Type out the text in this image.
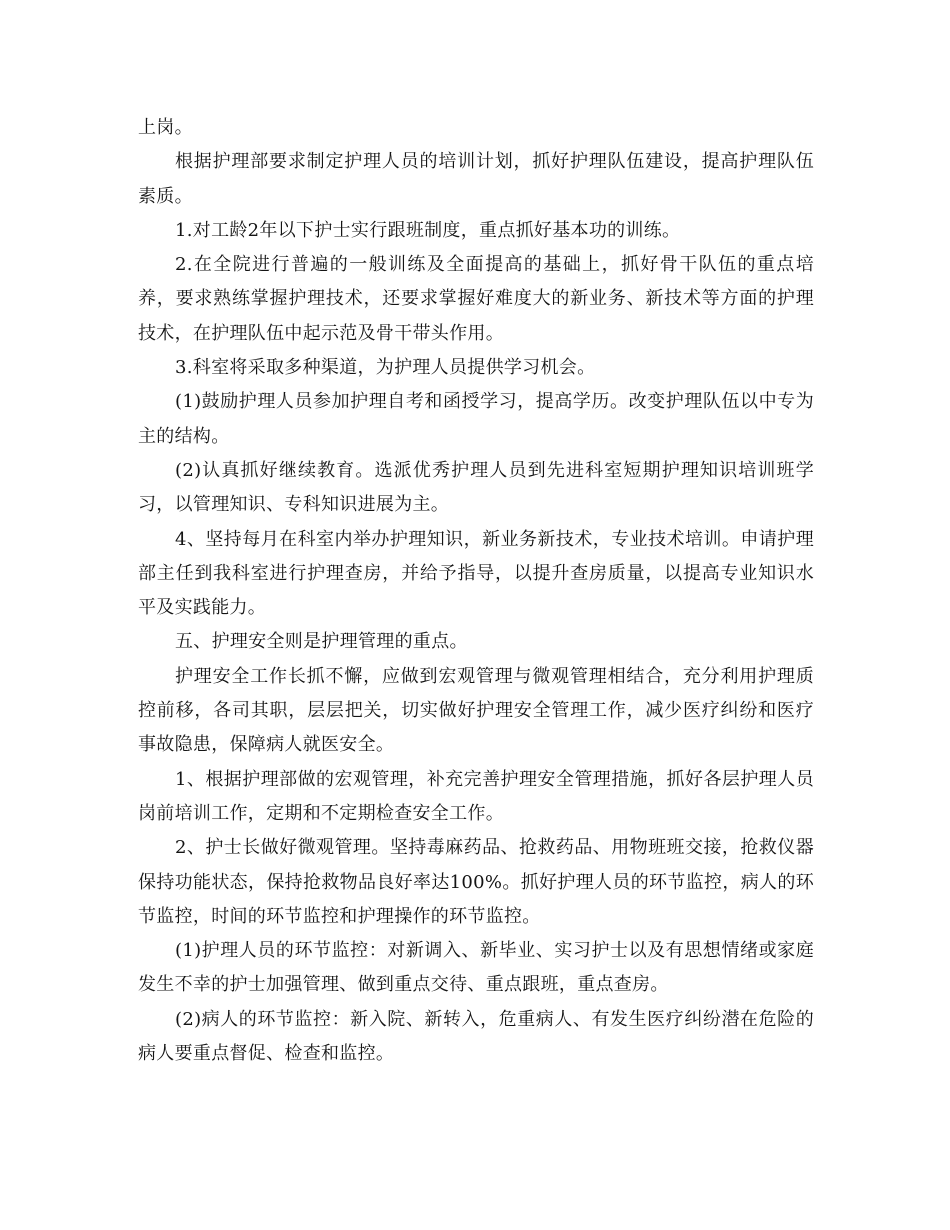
上岗。

根据护理部要求制定护理人员的培训计划，抓好护理队伍建设，提高护理队伍素质。

1.对工龄2年以下护士实行跟班制度，重点抓好基本功的训练。

2.在全院进行普遍的一般训练及全面提高的基础上，抓好骨干队伍的重点培养，要求熟练掌握护理技术，还要求掌握好难度大的新业务、新技术等方面的护理技术，在护理队伍中起示范及骨干带头作用。

3.科室将采取多种渠道，为护理人员提供学习机会。

(1)鼓励护理人员参加护理自考和函授学习，提高学历。改变护理队伍以中专为主的结构。

(2)认真抓好继续教育。选派优秀护理人员到先进科室短期护理知识培训班学习，以管理知识、专科知识进展为主。

4、坚持每月在科室内举办护理知识，新业务新技术，专业技术培训。申请护理部主任到我科室进行护理查房，并给予指导，以提升查房质量，以提高专业知识水平及实践能力。

五、护理安全则是护理管理的重点。

护理安全工作长抓不懈，应做到宏观管理与微观管理相结合，充分利用护理质控前移，各司其职，层层把关，切实做好护理安全管理工作，减少医疗纠纷和医疗事故隐患，保障病人就医安全。

1、根据护理部做的宏观管理，补充完善护理安全管理措施，抓好各层护理人员岗前培训工作，定期和不定期检查安全工作。

2、护士长做好微观管理。坚持毒麻药品、抢救药品、用物班班交接，抢救仪器保持功能状态，保持抢救物品良好率达100%。抓好护理人员的环节监控，病人的环节监控，时间的环节监控和护理操作的环节监控。

(1)护理人员的环节监控：对新调入、新毕业、实习护士以及有思想情绪或家庭发生不幸的护士加强管理、做到重点交待、重点跟班，重点查房。

(2)病人的环节监控：新入院、新转入，危重病人、有发生医疗纠纷潜在危险的病人要重点督促、检查和监控。
